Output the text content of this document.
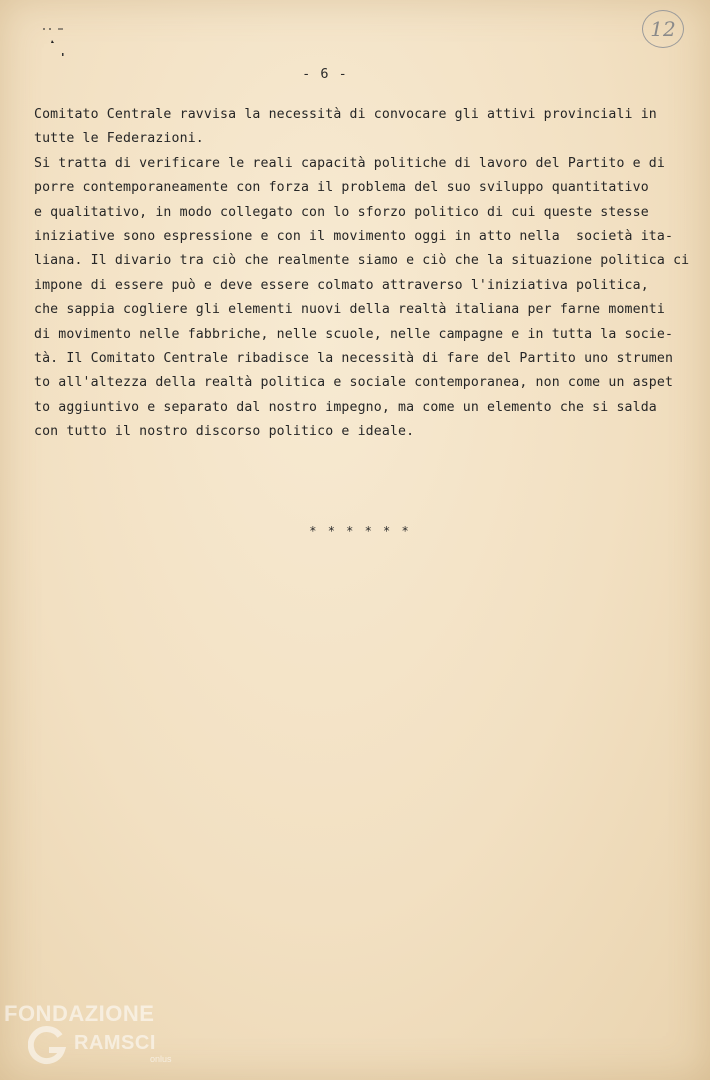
12
- 6 -
Comitato Centrale ravvisa la necessità di convocare gli attivi provinciali in
tutte le Federazioni.
Si tratta di verificare le reali capacità politiche di lavoro del Partito e di
porre contemporaneamente con forza il problema del suo sviluppo quantitativo
e qualitativo, in modo collegato con lo sforzo politico di cui queste stesse
iniziative sono espressione e con il movimento oggi in atto nella  società ita-
liana. Il divario tra ciò che realmente siamo e ciò che la situazione politica ci
impone di essere può e deve essere colmato attraverso l'iniziativa politica,
che sappia cogliere gli elementi nuovi della realtà italiana per farne momenti
di movimento nelle fabbriche, nelle scuole, nelle campagne e in tutta la socie-
tà. Il Comitato Centrale ribadisce la necessità di fare del Partito uno strumen
to all'altezza della realtà politica e sociale contemporanea, non come un aspet
to aggiuntivo e separato dal nostro impegno, ma come un elemento che si salda
con tutto il nostro discorso politico e ideale.
* * * * * *
FONDAZIONE
RAMSCI
onlus
